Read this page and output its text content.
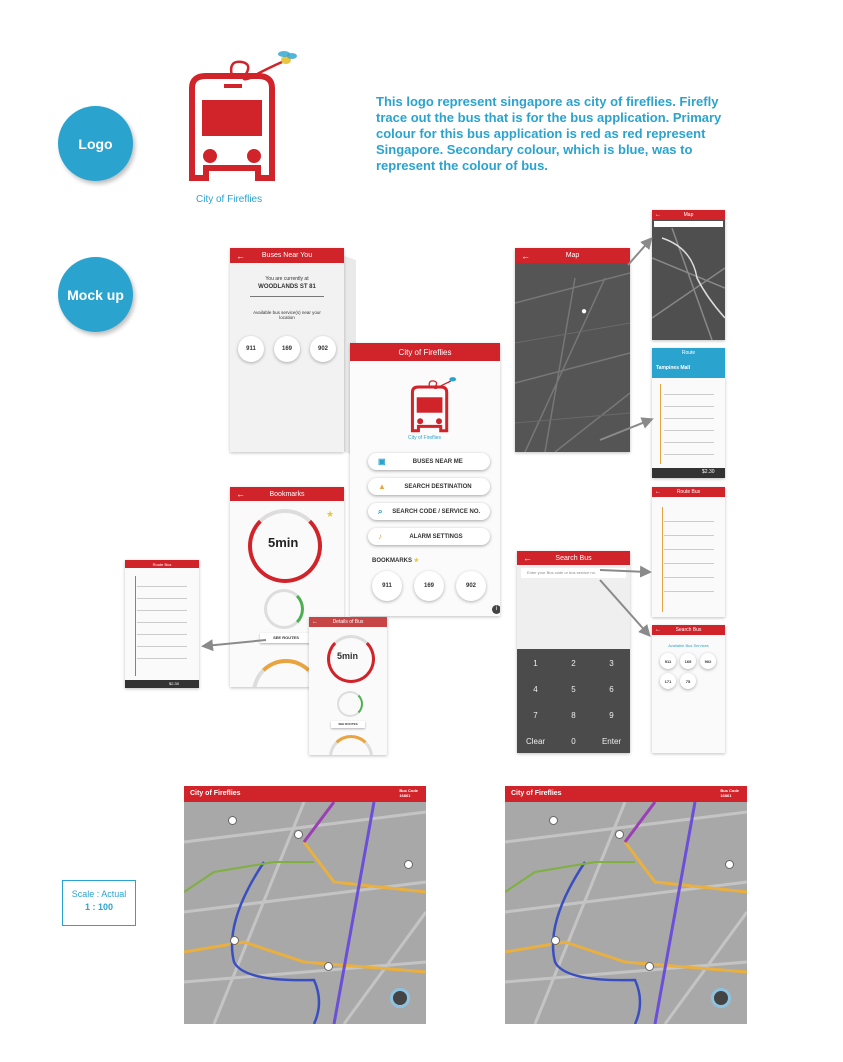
Logo
Mock up
City of Fireflies
This logo represent singapore as city of fireflies. Firefly trace out the bus that is for the bus application. Primary colour for this bus application is red as red represent Singapore. Secondary colour, which is blue, was to represent the colour of bus.
City of Fireflies
City of Fireflies
BOOKMARKS ★
i
▣	BUSES NEAR ME
▲	SEARCH DESTINATION
⌕	SEARCH CODE / SERVICE NO.
♪	ALARM SETTINGS
911	169	902
← Buses Near You
You are currently at
WOODLANDS ST 81
Available bus service(s) near your location
911	169	902
←	Map
●
←	Map
Route
Tampines Mall
$2.30
←	Route Bus
←	Search Bus
Available Bus Services
911	169	902
171	75
←	Search Bus
Enter your Bus code or bus service no.
1	2	3
4	5	6
7	8	9
Clear	0	Enter
←	Bookmarks
5min
★
SEE ROUTES
←	Details of Bus
5min
SEE ROUTES
Route Bus
$2.30
Scale : Actual
1 : 100
City of Fireflies	Bus Code
16861	City of Fireflies	Bus Code
16861
